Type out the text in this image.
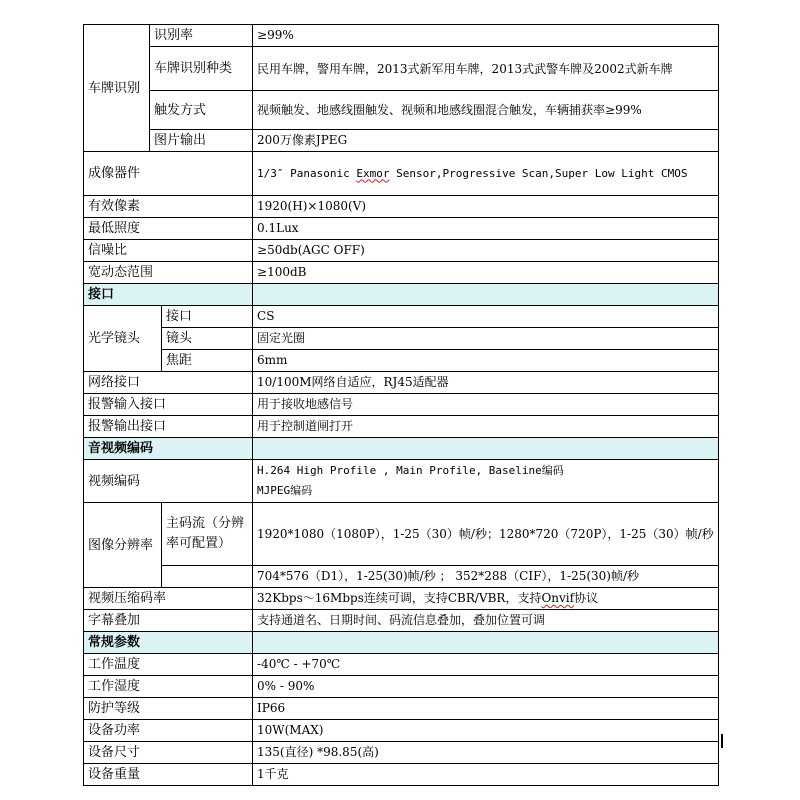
车牌识别	识别率		≥99%
	车牌识别种类		民用车牌，警用车牌，2013式新军用车牌，2013式武警车牌及2002式新车牌
	触发方式		视频触发、地感线圈触发、视频和地感线圈混合触发，车辆捕获率≥99%
	图片输出		200万像素JPEG
成像器件			1/3″ Panasonic Exmor Sensor,Progressive Scan,Super Low Light CMOS
有效像素			1920(H)×1080(V)
最低照度			0.1Lux
信噪比			≥50db(AGC OFF)
宽动态范围			≥100dB
接口			
光学镜头		接口	CS
		镜头	固定光圈
		焦距	6mm
网络接口			10/100M网络自适应，RJ45适配器
报警输入接口			用于接收地感信号
报警输出接口			用于控制道闸打开
音视频编码			
视频编码			H.264 High Profile , Main Profile, Baseline编码
MJPEG编码

图像分辨率		主码流（分辨率可配置）	1920*1080（1080P），1-25（30）帧/秒；1280*720（720P），1-25（30）帧/秒
			704*576（D1），1-25(30)帧/秒 ； 352*288（CIF），1-25(30)帧/秒
视频压缩码率			32Kbps～16Mbps连续可调，支持CBR/VBR，支持Onvif协议
字幕叠加			支持通道名、日期时间、码流信息叠加，叠加位置可调
常规参数			
工作温度			-40℃ - +70℃
工作湿度			0% - 90%
防护等级			IP66
设备功率			10W(MAX)
设备尺寸			135(直径) *98.85(高)
设备重量			1千克
